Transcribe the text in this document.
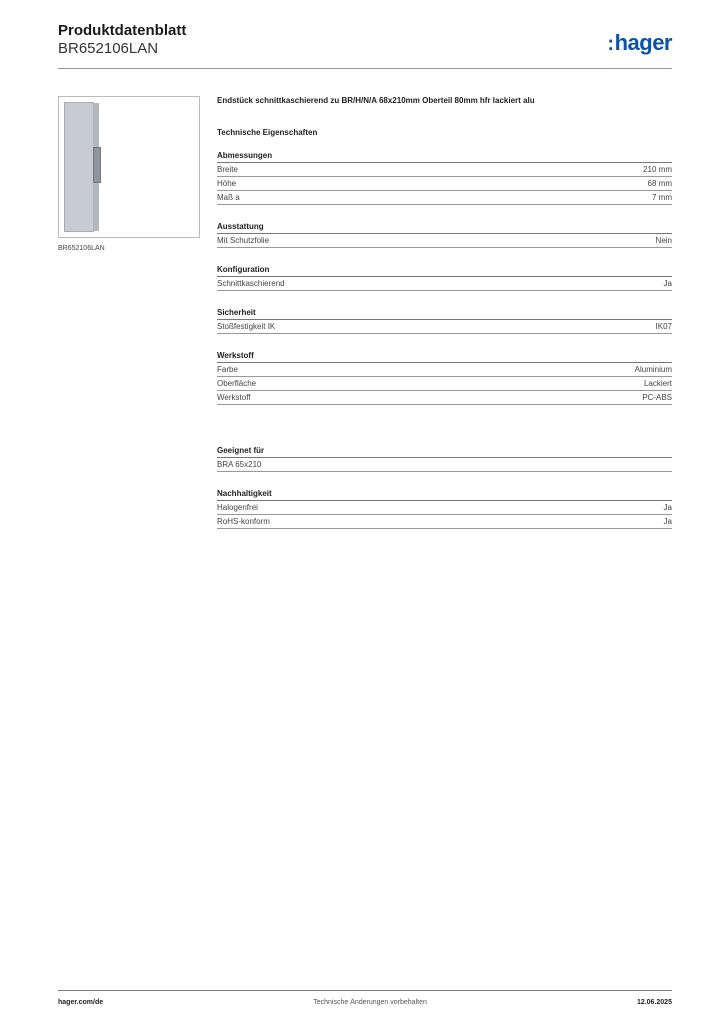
Produktdatenblatt
BR652106LAN	:hager
BR652106LAN
Endstück schnittkaschierend zu BR/H/N/A 68x210mm Oberteil 80mm hfr lackiert alu
Technische Eigenschaften
Abmessungen
Breite	210 mm
Höhe	68 mm
Maß a	7 mm
Ausstattung
Mit Schutzfolie	Nein
Konfiguration
Schnittkaschierend	Ja
Sicherheit
Stoßfestigkeit IK	IK07
Werkstoff
Farbe	Aluminium
Oberfläche	Lackiert
Werkstoff	PC-ABS
Geeignet für
BRA 65x210
Nachhaltigkeit
Halogenfrei	Ja
RoHS-konform	Ja
hager.com/de	Technische Änderungen vorbehalten	12.06.2025
